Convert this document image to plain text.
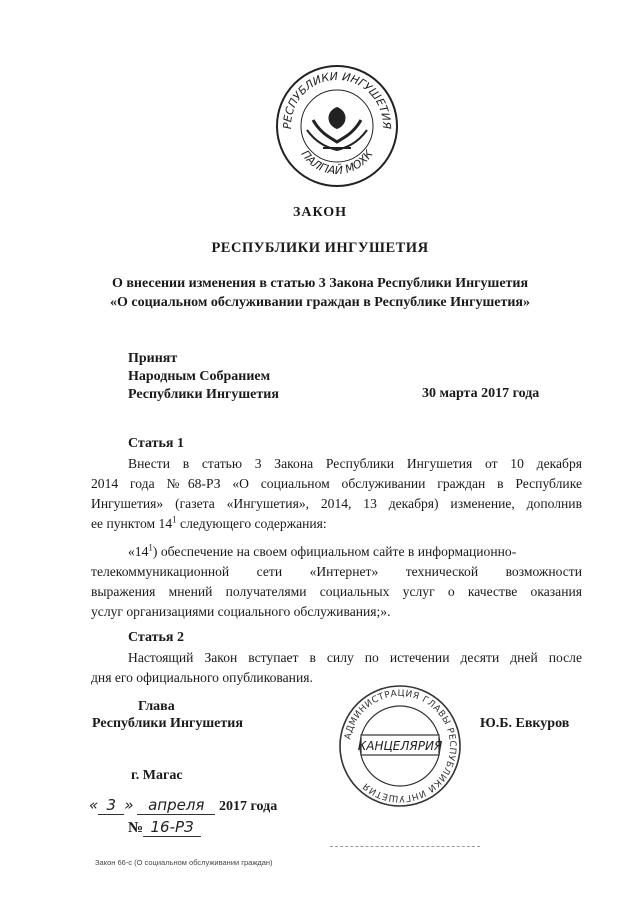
РЕСПУБЛИКИ ИНГУШЕТИЯ
ПАЛГIАЙ МОХК
ЗАКОН
РЕСПУБЛИКИ ИНГУШЕТИЯ
О внесении изменения в статью 3 Закона Республики Ингушетия
«О социальном обслуживании граждан в Республике Ингушетия»
Принят
Народным Собранием
Республики Ингушетия	30 марта 2017 года
Статья 1
Внести в статью 3 Закона Республики Ингушетия от 10 декабря
2014 года №68-РЗ «О социальном обслуживании граждан в Республике
Ингушетия» (газета «Ингушетия», 2014, 13 декабря) изменение, дополнив
ее пунктом $14^1$ следующего содержания:
«$14^1$) обеспечение на своем официальном сайте в информационно-
телекоммуникационной сети «Интернет» технической возможности
выражения мнений получателями социальных услуг о качестве оказания
услуг организациями социального обслуживания;».
Статья 2
Настоящий Закон вступает в силу по истечении десяти дней после
дня его официального опубликования.
Глава
Республики Ингушетия	Ю.Б. Евкуров
АДМИНИСТРАЦИЯ ГЛАВЫ РЕСПУБЛИКИ ИНГУШЕТИЯ
КАНЦЕЛЯРИЯ
г. Магас
« 3 » апреля 2017 года
№ 16-РЗ
Закон 66-с (О социальном обслуживании граждан)
